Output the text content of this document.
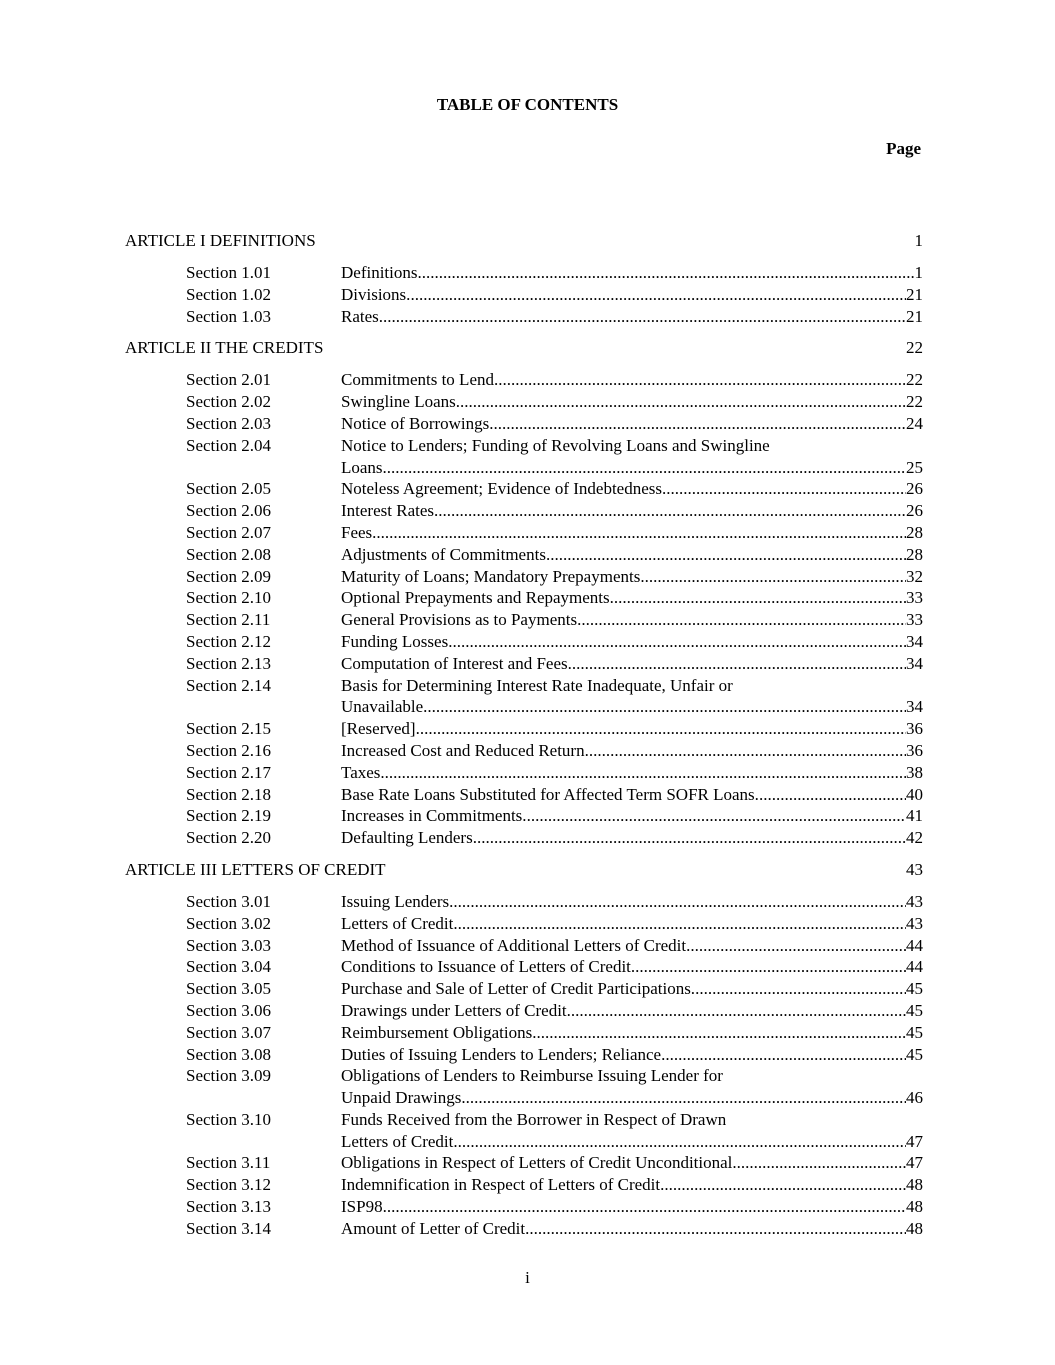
TABLE OF CONTENTS
Page
ARTICLE I DEFINITIONS	1
Section 1.01	Definitions. .....	1
Section 1.02	Divisions. .....	21
Section 1.03	Rates. .....	21
ARTICLE II THE CREDITS	22
Section 2.01	Commitments to Lend. .....	22
Section 2.02	Swingline Loans. .....	22
Section 2.03	Notice of Borrowings. .....	24
Section 2.04	Notice to Lenders; Funding of Revolving Loans and Swingline
Loans. .....	25
Section 2.05	Noteless Agreement; Evidence of Indebtedness. .....	26
Section 2.06	Interest Rates. .....	26
Section 2.07	Fees. .....	28
Section 2.08	Adjustments of Commitments. .....	28
Section 2.09	Maturity of Loans; Mandatory Prepayments. .....	32
Section 2.10	Optional Prepayments and Repayments. .....	33
Section 2.11	General Provisions as to Payments. .....	33
Section 2.12	Funding Losses. .....	34
Section 2.13	Computation of Interest and Fees. .....	34
Section 2.14	Basis for Determining Interest Rate Inadequate, Unfair or
Unavailable. .....	34
Section 2.15	[Reserved]. .....	36
Section 2.16	Increased Cost and Reduced Return. .....	36
Section 2.17	Taxes. .....	38
Section 2.18	Base Rate Loans Substituted for Affected Term SOFR Loans. .....	40
Section 2.19	Increases in Commitments. .....	41
Section 2.20	Defaulting Lenders. .....	42
ARTICLE III LETTERS OF CREDIT	43
Section 3.01	Issuing Lenders. .....	43
Section 3.02	Letters of Credit. .....	43
Section 3.03	Method of Issuance of Additional Letters of Credit. .....	44
Section 3.04	Conditions to Issuance of Letters of Credit. .....	44
Section 3.05	Purchase and Sale of Letter of Credit Participations. .....	45
Section 3.06	Drawings under Letters of Credit. .....	45
Section 3.07	Reimbursement Obligations. .....	45
Section 3.08	Duties of Issuing Lenders to Lenders; Reliance. .....	45
Section 3.09	Obligations of Lenders to Reimburse Issuing Lender for
Unpaid Drawings. .....	46
Section 3.10	Funds Received from the Borrower in Respect of Drawn
Letters of Credit. .....	47
Section 3.11	Obligations in Respect of Letters of Credit Unconditional. .....	47
Section 3.12	Indemnification in Respect of Letters of Credit. .....	48
Section 3.13	ISP98. .....	48
Section 3.14	Amount of Letter of Credit. .....	48
i
